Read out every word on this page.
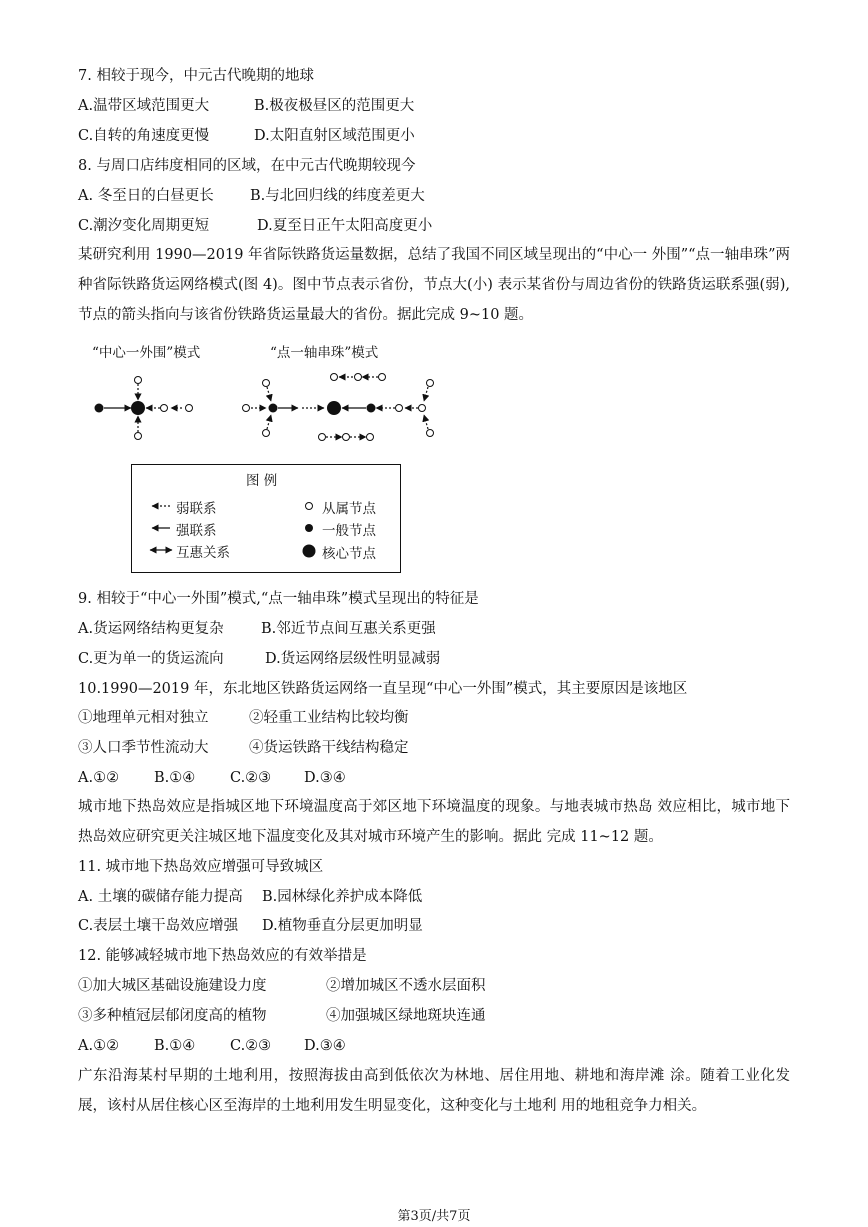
7. 相较于现今，中元古代晚期的地球
A.温带区域范围更大	B.极夜极昼区的范围更大
C.自转的角速度更慢	D.太阳直射区域范围更小
8. 与周口店纬度相同的区域，在中元古代晚期较现今
A. 冬至日的白昼更长	B.与北回归线的纬度差更大
C.潮汐变化周期更短	D.夏至日正午太阳高度更小
某研究利用 1990—2019 年省际铁路货运量数据，总结了我国不同区域呈现出的“中心一 外围”“点一轴串珠”两种省际铁路货运网络模式(图 4)。图中节点表示省份，节点大(小) 表示某省份与周边省份的铁路货运联系强(弱),节点的箭头指向与该省份铁路货运量最大的省份。据此完成 9~10 题。
“中心一外围”模式	“点一轴串珠”模式
图 例
弱联系
强联系
互惠关系
从属节点
一般节点
核心节点
9. 相较于“中心一外围”模式,“点一轴串珠”模式呈现出的特征是
A.货运网络结构更复杂	B.邻近节点间互惠关系更强
C.更为单一的货运流向	D.货运网络层级性明显减弱
10.1990—2019 年，东北地区铁路货运网络一直呈现“中心一外围”模式，其主要原因是该地区
①地理单元相对独立	②轻重工业结构比较均衡
③人口季节性流动大	④货运铁路干线结构稳定
A.①② B.①④ C.②③ D.③④
城市地下热岛效应是指城区地下环境温度高于郊区地下环境温度的现象。与地表城市热岛 效应相比，城市地下热岛效应研究更关注城区地下温度变化及其对城市环境产生的影响。据此 完成 11~12 题。
11. 城市地下热岛效应增强可导致城区
A. 土壤的碳储存能力提高 B.园林绿化养护成本降低
C.表层土壤干岛效应增强 D.植物垂直分层更加明显
12. 能够减轻城市地下热岛效应的有效举措是
①加大城区基础设施建设力度	②增加城区不透水层面积
③多种植冠层郁闭度高的植物	④加强城区绿地斑块连通
A.①② B.①④ C.②③ D.③④
广东沿海某村早期的土地利用，按照海拔由高到低依次为林地、居住用地、耕地和海岸滩 涂。随着工业化发展，该村从居住核心区至海岸的土地利用发生明显变化，这种变化与土地利 用的地租竞争力相关。
第3页/共7页
